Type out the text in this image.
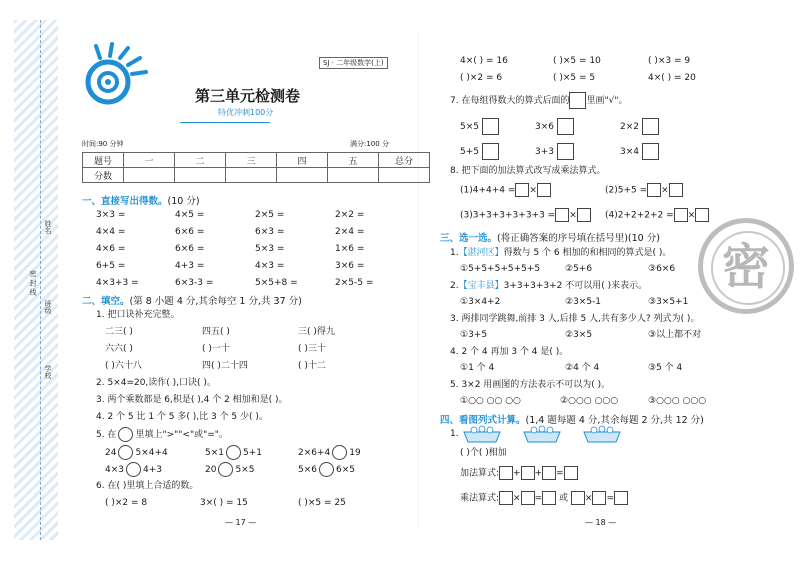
姓名
班级
学校
密 封 线
SJ · 二年级数学(上)
第三单元检测卷
特优冲刺100分
时间:90 分钟	满分:100 分
题号	一	二	三	四	五	总分
分数						
一、直接写出得数。(10 分)
3×3 =	4×5 =	2×5 =	2×2 =
4×4 =	6×6 =	6×3 =	2×4 =
4×6 =	6×6 =	5×3 =	1×6 =
6+5 =	4+3 =	4×3 =	3×6 =
4×3+3 =	6×3-3 =	5×5+8 =	2×5-5 =
二、填空。(第 8 小题 4 分,其余每空 1 分,共 37 分)
1. 把口诀补充完整。
二三( )	四五( )	三( )得九
六六( )	( )一十	( )三十
( )六十八	四( )二十四	( )十二
2. 5×4=20,读作( ),口诀( )。
3. 两个乘数都是 6,积是( ),4 个 2 相加和是( )。
4. 2 个 5 比 1 个 5 多( ),比 3 个 5 少( )。
5. 在 里填上">""<"或"="。
24 5×4+4	5×1 5+1	2×6+4 19
4×3 4+3	20 5×5	5×6 6×5
6. 在( )里填上合适的数。
( )×2 = 8	3×( ) = 15	( )×5 = 25
— 17 —
4×( ) = 16	( )×5 = 10	( )×3 = 9
( )×2 = 6	( )×5 = 5	4×( ) = 20
7. 在每组得数大的算式后面的 里画"√"。
5×5	3×6	2×2
5+5	3+3	3×4
8. 把下面的加法算式改写成乘法算式。
(1)4+4+4 = ×	(2)5+5 = ×
(3)3+3+3+3+3+3 = ×	(4)2+2+2+2 = ×
三、选一选。(将正确答案的序号填在括号里)(10 分)
1.【湛河区】得数与 5 个 6 相加的和相同的算式是( )。
①5+5+5+5+5+5	②5+6	③6×6
2.【宝丰县】3+3+3+3+2 不可以用( )来表示。
①3×4+2	②3×5-1	③3×5+1
3. 两排同学跳舞,前排 3 人,后排 5 人,共有多少人? 列式为( )。
①3+5	②3×5	③以上都不对
4. 2 个 4 再加 3 个 4 是( )。
①1 个 4	②4 个 4	③5 个 4
5. 3×2 用画图的方法表示不可以为( )。
①○○ ○○ ○○	②○○○ ○○○	③○○○ ○○○
四、看图列式计算。(1,4 题每题 4 分,其余每题 2 分,共 12 分)
1.
( )个( )相加
加法算式: + + =
乘法算式: × = 或 × =
— 18 —
密
